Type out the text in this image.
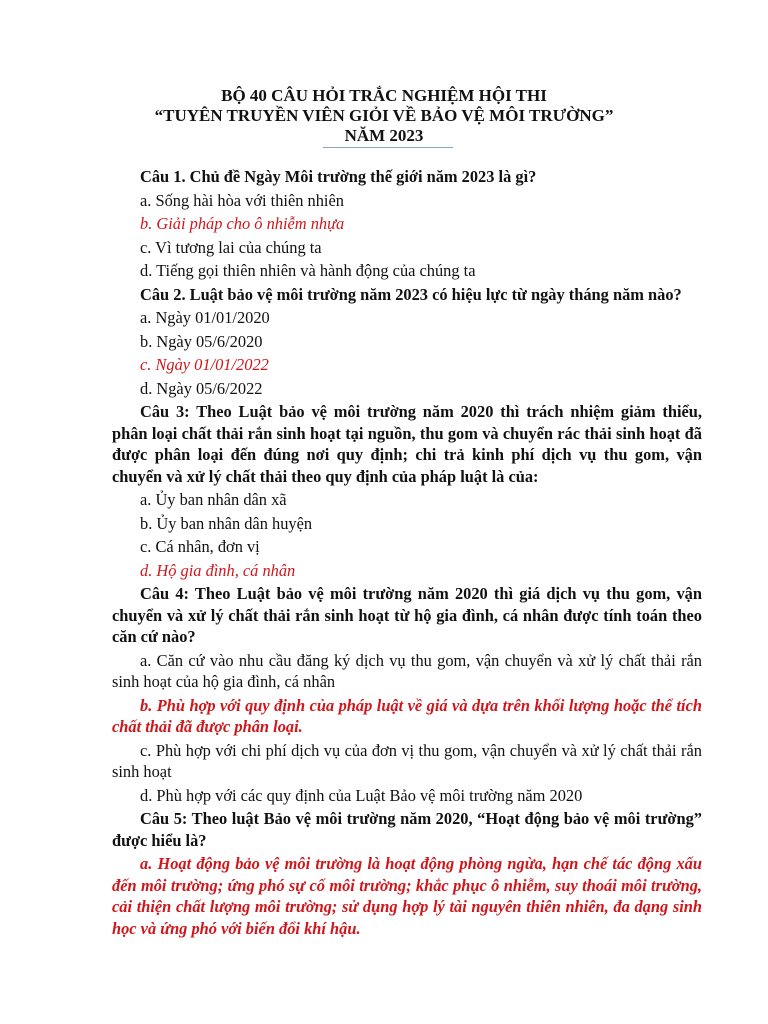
BỘ 40 CÂU HỎI TRẮC NGHIỆM HỘI THI
“TUYÊN TRUYỀN VIÊN GIỎI VỀ BẢO VỆ MÔI TRƯỜNG”
NĂM 2023
Câu 1. Chủ đề Ngày Môi trường thế giới năm 2023 là gì?
a. Sống hài hòa với thiên nhiên
b. Giải pháp cho ô nhiễm nhựa
c. Vì tương lai của chúng ta
d. Tiếng gọi thiên nhiên và hành động của chúng ta
Câu 2. Luật bảo vệ môi trường năm 2023 có hiệu lực từ ngày tháng năm nào?
a. Ngày 01/01/2020
b. Ngày 05/6/2020
c. Ngày 01/01/2022
d. Ngày 05/6/2022
Câu 3: Theo Luật bảo vệ môi trường năm 2020 thì trách nhiệm giảm thiểu, phân loại chất thải rắn sinh hoạt tại nguồn, thu gom và chuyển rác thải sinh hoạt đã được phân loại đến đúng nơi quy định; chi trả kinh phí dịch vụ thu gom, vận chuyển và xử lý chất thải theo quy định của pháp luật là của:
a. Ủy ban nhân dân xã
b. Ủy ban nhân dân huyện
c. Cá nhân, đơn vị
d. Hộ gia đình, cá nhân
Câu 4: Theo Luật bảo vệ môi trường năm 2020 thì giá dịch vụ thu gom, vận chuyển và xử lý chất thải rắn sinh hoạt từ hộ gia đình, cá nhân được tính toán theo căn cứ nào?
a. Căn cứ vào nhu cầu đăng ký dịch vụ thu gom, vận chuyển và xử lý chất thải rắn sinh hoạt của hộ gia đình, cá nhân
b. Phù hợp với quy định của pháp luật về giá và dựa trên khối lượng hoặc thể tích chất thải đã được phân loại.
c. Phù hợp với chi phí dịch vụ của đơn vị thu gom, vận chuyển và xử lý chất thải rắn sinh hoạt
d. Phù hợp với các quy định của Luật Bảo vệ môi trường năm 2020
Câu 5: Theo luật Bảo vệ môi trường năm 2020, “Hoạt động bảo vệ môi trường” được hiểu là?
a. Hoạt động bảo vệ môi trường là hoạt động phòng ngừa, hạn chế tác động xấu đến môi trường; ứng phó sự cố môi trường; khắc phục ô nhiễm, suy thoái môi trường, cải thiện chất lượng môi trường; sử dụng hợp lý tài nguyên thiên nhiên, đa dạng sinh học và ứng phó với biến đổi khí hậu.
